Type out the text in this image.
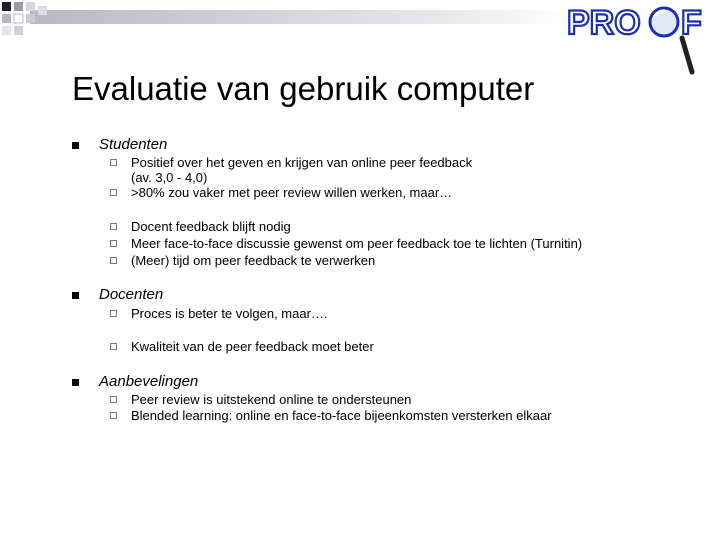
PRO F
Evaluatie van gebruik computer
Studenten
Positief over het geven en krijgen van online peer feedback
(av. 3,0 - 4,0)
>80% zou vaker met peer review willen werken, maar…
Docent feedback blijft nodig
Meer face-to-face discussie gewenst om peer feedback toe te lichten (Turnitin)
(Meer) tijd om peer feedback te verwerken
Docenten
Proces is beter te volgen, maar….
Kwaliteit van de peer feedback moet beter
Aanbevelingen
Peer review is uitstekend online te ondersteunen
Blended learning: online en face-to-face bijeenkomsten versterken elkaar
